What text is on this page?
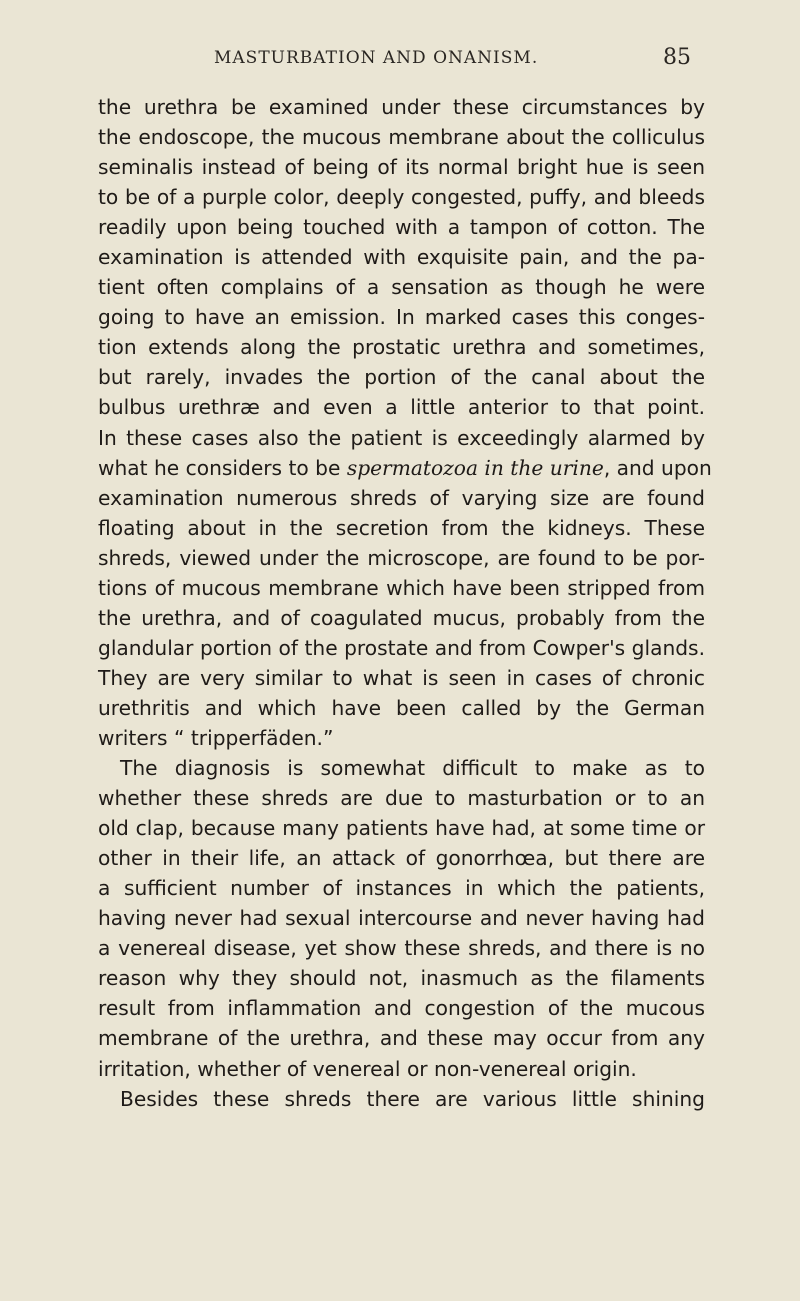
MASTURBATION AND ONANISM.	85
the urethra be examined under these circumstances by
the endoscope, the mucous membrane about the colliculus
seminalis instead of being of its normal bright hue is seen
to be of a purple color, deeply congested, puffy, and bleeds
readily upon being touched with a tampon of cotton. The
examination is attended with exquisite pain, and the pa-
tient often complains of a sensation as though he were
going to have an emission. In marked cases this conges-
tion extends along the prostatic urethra and sometimes,
but rarely, invades the portion of the canal about the
bulbus urethræ and even a little anterior to that point.
In these cases also the patient is exceedingly alarmed by
what he considers to be spermatozoa in the urine, and upon
examination numerous shreds of varying size are found
floating about in the secretion from the kidneys. These
shreds, viewed under the microscope, are found to be por-
tions of mucous membrane which have been stripped from
the urethra, and of coagulated mucus, probably from the
glandular portion of the prostate and from Cowper's glands.
They are very similar to what is seen in cases of chronic
urethritis and which have been called by the German
writers “ tripperfäden.”
The diagnosis is somewhat difficult to make as to
whether these shreds are due to masturbation or to an
old clap, because many patients have had, at some time or
other in their life, an attack of gonorrhœa, but there are
a sufficient number of instances in which the patients,
having never had sexual intercourse and never having had
a venereal disease, yet show these shreds, and there is no
reason why they should not, inasmuch as the filaments
result from inflammation and congestion of the mucous
membrane of the urethra, and these may occur from any
irritation, whether of venereal or non-venereal origin.
Besides these shreds there are various little shining
